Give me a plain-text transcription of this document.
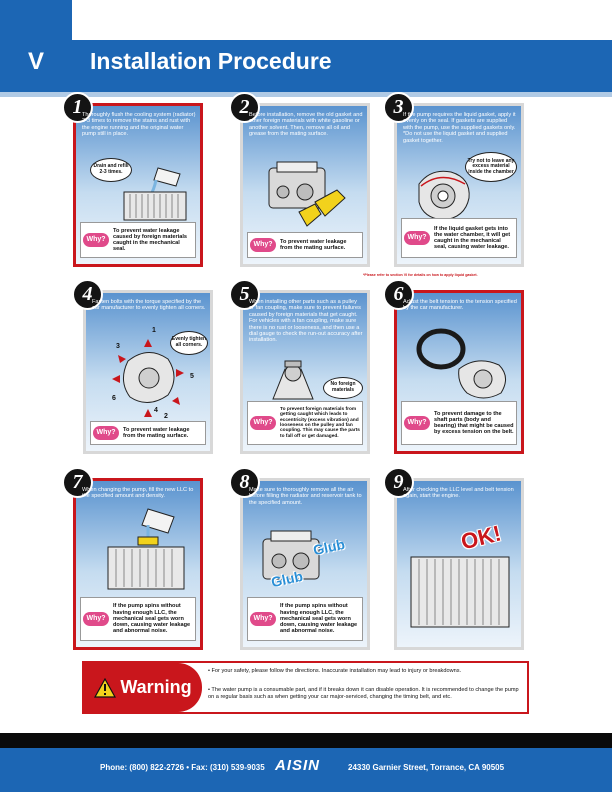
V	Installation Procedure
1 Thoroughly flush the cooling system (radiator) 2-3 times to remove the stains and rust with the engine running and the original water pump still in place.
Drain and refill 2-3 times.
Why?
To prevent water leakage caused by foreign materials caught in the mechanical seal.
2 Before installation, remove the old gasket and other foreign materials with white gasoline or another solvent. Then, remove all oil and grease from the mating surface.
Why?	To prevent water leakage from the mating surface.
3 If the pump requires the liquid gasket, apply it evenly on the seal. If gaskets are supplied with the pump, use the supplied gaskets only. *Do not use the liquid gasket and supplied gasket together.
Try not to leave any excess material inside the chamber
Why?
If the liquid gasket gets into the water chamber, it will get caught in the mechanical seal, causing water leakage.
*Please refer to section VI for details on how to apply liquid gasket.
4 Fasten bolts with the torque specified by the car manufacturer to evenly tighten all corners.
Evenly tighten all corners.
1
2
3
4
5
6
Why?	To prevent water leakage from the mating surface.
5 When installing other parts such as a pulley or fan coupling, make sure to prevent failures caused by foreign materials that get caught. For vehicles with a fan coupling, make sure there is no rust or looseness, and then use a dial gauge to check the run-out accuracy after installation.
No foreign materials
Why?
To prevent foreign materials from getting caught which leads to eccentricity (excess vibration) and looseness on the pulley and fan coupling. This may cause the parts to fall off or get damaged.
6 Adjust the belt tension to the tension specified by the car manufacturer.
Why?
To prevent damage to the shaft parts (body and bearing) that might be caused by excess tension on the belt.
7 When changing the pump, fill the new LLC to the specified amount and density.
Why?
If the pump spins without having enough LLC, the mechanical seal gets worn down, causing water leakage and abnormal noise.
8 Make sure to thoroughly remove all the air before filling the radiator and reservoir tank to the specified amount.
Glub
Glub
Why?
If the pump spins without having enough LLC, the mechanical seal gets worn down, causing water leakage and abnormal noise.
9 After checking the LLC level and belt tension again, start the engine.
OK!
Warning
• For your safety, please follow the directions. Inaccurate installation may lead to injury or breakdowns.
• The water pump is a consumable part, and if it breaks down it can disable operation. It is recommended to change the pump on a regular basis such as when getting your car major-serviced, changing the timing belt, and etc.
Phone: (800) 822-2726 • Fax: (310) 539-9035 AISIN	24330 Garnier Street, Torrance, CA 90505
